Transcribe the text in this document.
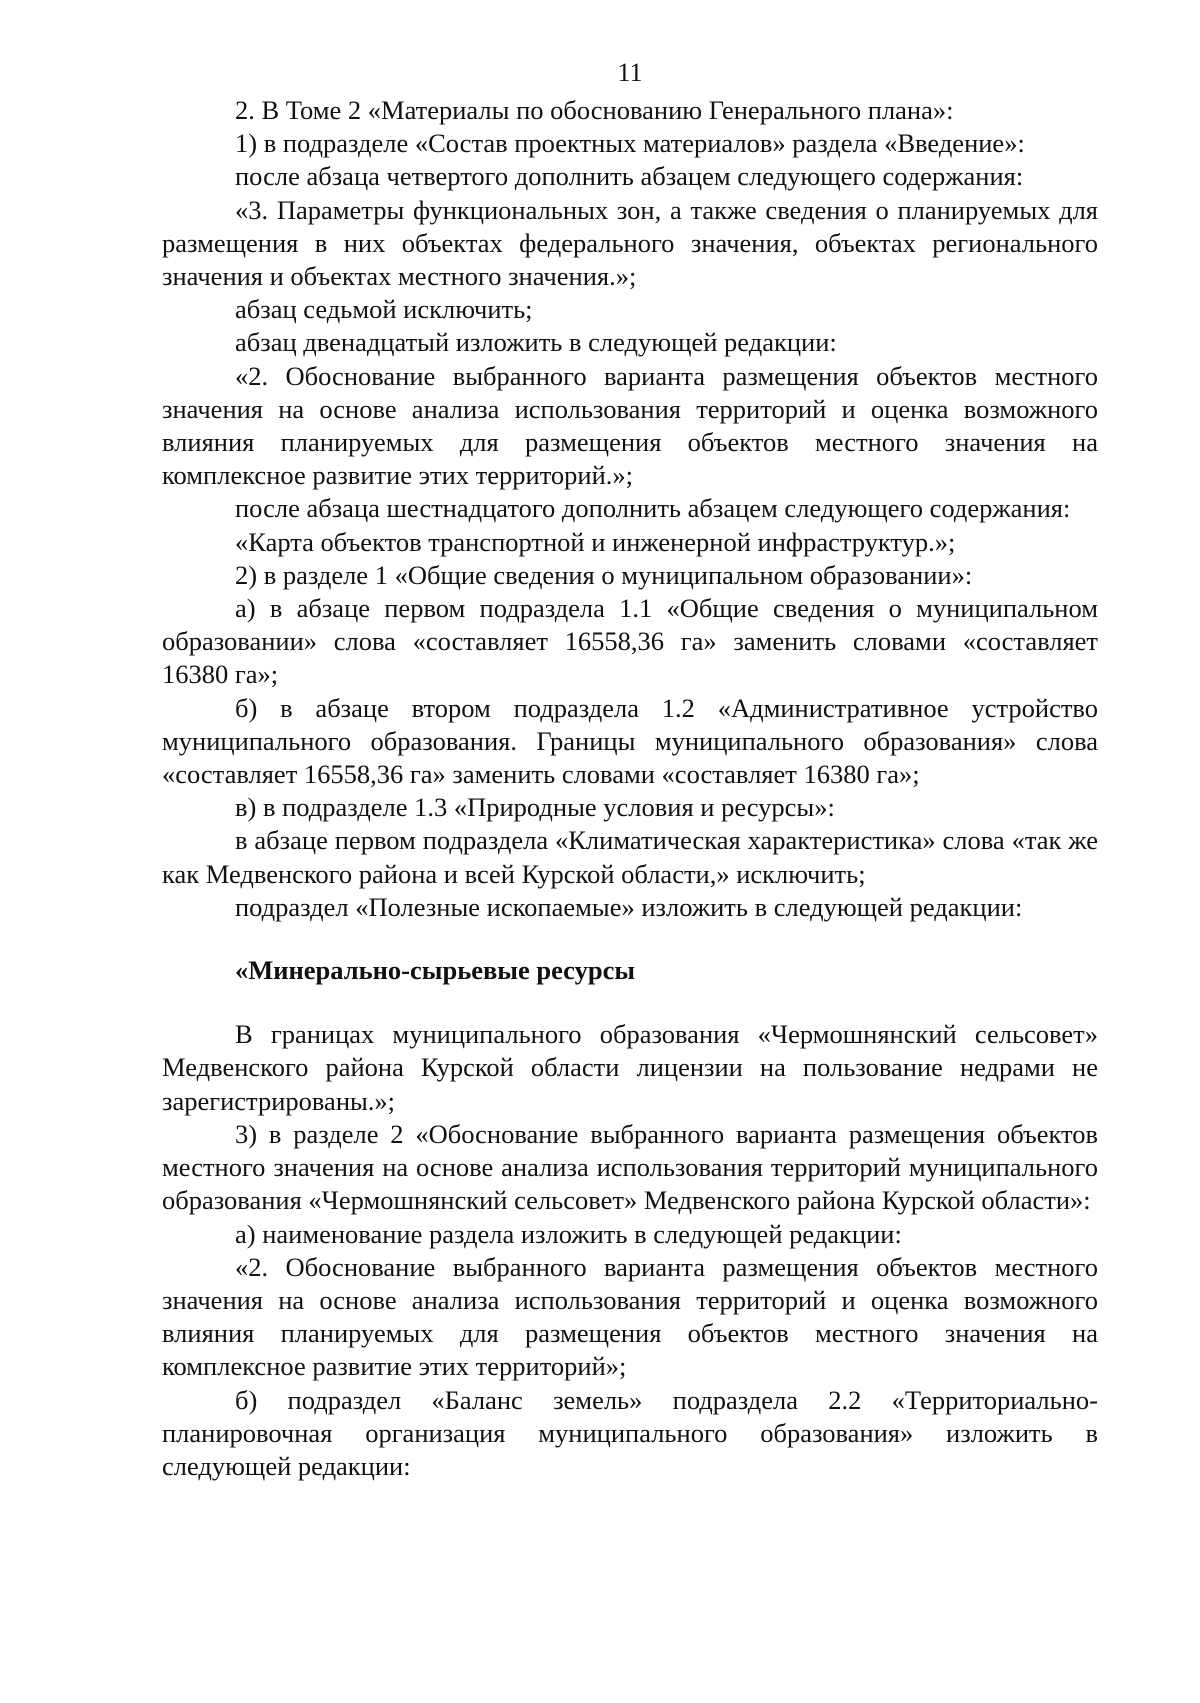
11

2. В Томе 2 «Материалы по обоснованию Генерального плана»:

1) в подразделе «Состав проектных материалов» раздела «Введение»:

после абзаца четвертого дополнить абзацем следующего содержания:

«3. Параметры функциональных зон, а также сведения о планируемых для размещения в них объектах федерального значения, объектах регионального значения и объектах местного значения.»;

абзац седьмой исключить;

абзац двенадцатый изложить в следующей редакции:

«2. Обоснование выбранного варианта размещения объектов местного значения на основе анализа использования территорий и оценка возможного влияния планируемых для размещения объектов местного значения на комплексное развитие этих территорий.»;

после абзаца шестнадцатого дополнить абзацем следующего содержания:

«Карта объектов транспортной и инженерной инфраструктур.»;

2) в разделе 1 «Общие сведения о муниципальном образовании»:

а) в абзаце первом подраздела 1.1 «Общие сведения о муниципальном образовании» слова «составляет 16558,36 га» заменить словами «составляет 16380 га»;

б) в абзаце втором подраздела 1.2 «Административное устройство муниципального образования. Границы муниципального образования» слова «составляет 16558,36 га» заменить словами «составляет 16380 га»;

в) в подразделе 1.3 «Природные условия и ресурсы»:

в абзаце первом подраздела «Климатическая характеристика» слова «так же как Медвенского района и всей Курской области,» исключить;

подраздел «Полезные ископаемые» изложить в следующей редакции:

«Минерально-сырьевые ресурсы

В границах муниципального образования «Чермошнянский сельсовет» Медвенского района Курской области лицензии на пользование недрами не зарегистрированы.»;

3) в разделе 2 «Обоснование выбранного варианта размещения объектов местного значения на основе анализа использования территорий муниципального образования «Чермошнянский сельсовет» Медвенского района Курской области»:

а) наименование раздела изложить в следующей редакции:

«2. Обоснование выбранного варианта размещения объектов местного значения на основе анализа использования территорий и оценка возможного влияния планируемых для размещения объектов местного значения на комплексное развитие этих территорий»;

б) подраздел «Баланс земель» подраздела 2.2 «Территориально-планировочная организация муниципального образования» изложить в следующей редакции:
